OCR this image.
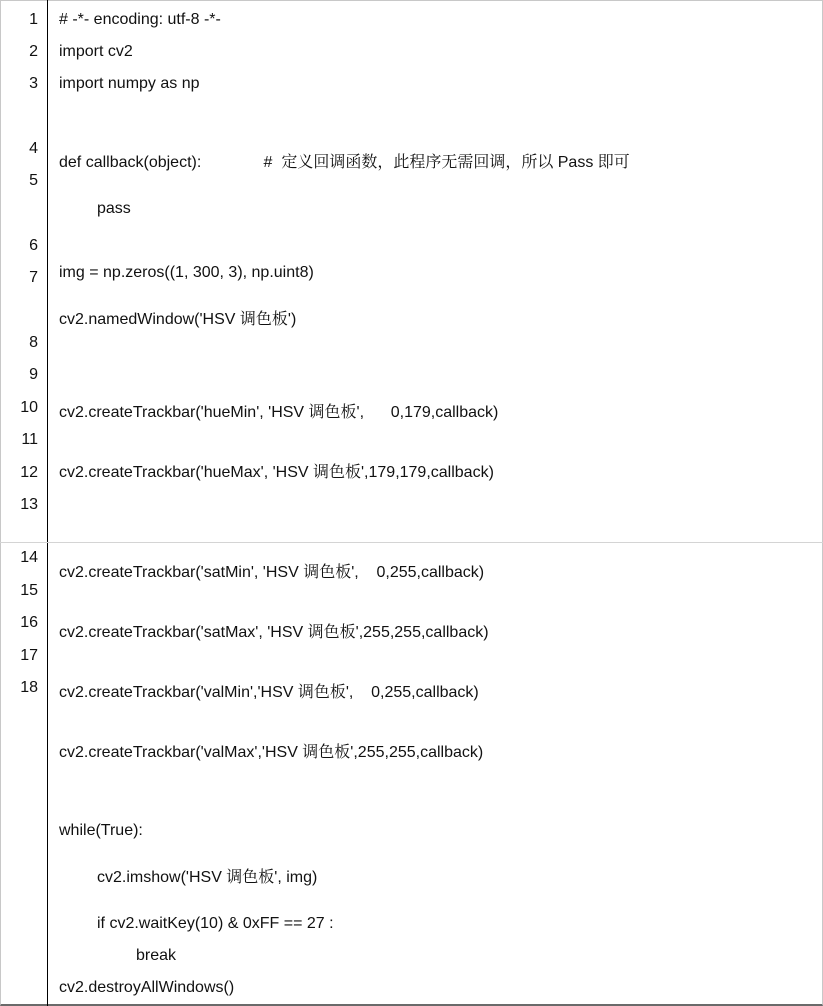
1
2
3
4
5
6
7
8
9
10
11
12
13
14
15
16
17
18
# -*- encoding: utf-8 -*-
import cv2
import numpy as np
def callback(object):              #  定义回调函数，此程序无需回调，所以 Pass 即可
pass
img = np.zeros((1, 300, 3), np.uint8)
cv2.namedWindow('HSV 调色板')
cv2.createTrackbar('hueMin', 'HSV 调色板',      0,179,callback)
cv2.createTrackbar('hueMax', 'HSV 调色板',179,179,callback)
cv2.createTrackbar('satMin', 'HSV 调色板',    0,255,callback)
cv2.createTrackbar('satMax', 'HSV 调色板',255,255,callback)
cv2.createTrackbar('valMin','HSV 调色板',    0,255,callback)
cv2.createTrackbar('valMax','HSV 调色板',255,255,callback)
while(True):
cv2.imshow('HSV 调色板', img)
if cv2.waitKey(10) & 0xFF == 27 :
break
cv2.destroyAllWindows()
